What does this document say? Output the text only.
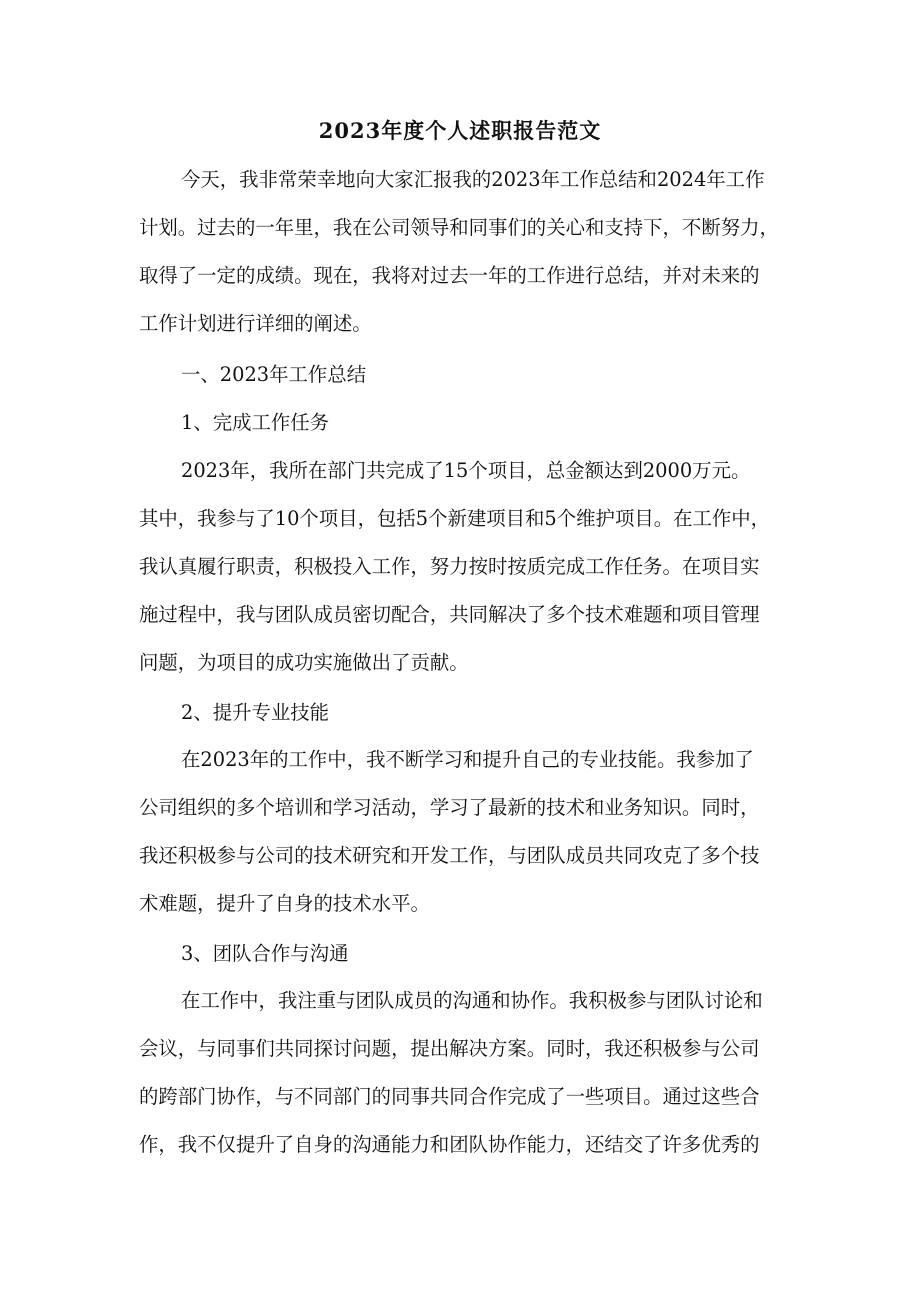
2023年度个人述职报告范文
今天，我非常荣幸地向大家汇报我的2023年工作总结和2024年工作
计划。过去的一年里，我在公司领导和同事们的关心和支持下，不断努力，
取得了一定的成绩。现在，我将对过去一年的工作进行总结，并对未来的
工作计划进行详细的阐述。
一、2023年工作总结
1、完成工作任务
2023年，我所在部门共完成了15个项目，总金额达到2000万元。
其中，我参与了10个项目，包括5个新建项目和5个维护项目。在工作中，
我认真履行职责，积极投入工作，努力按时按质完成工作任务。在项目实
施过程中，我与团队成员密切配合，共同解决了多个技术难题和项目管理
问题，为项目的成功实施做出了贡献。
2、提升专业技能
在2023年的工作中，我不断学习和提升自己的专业技能。我参加了
公司组织的多个培训和学习活动，学习了最新的技术和业务知识。同时，
我还积极参与公司的技术研究和开发工作，与团队成员共同攻克了多个技
术难题，提升了自身的技术水平。
3、团队合作与沟通
在工作中，我注重与团队成员的沟通和协作。我积极参与团队讨论和
会议，与同事们共同探讨问题，提出解决方案。同时，我还积极参与公司
的跨部门协作，与不同部门的同事共同合作完成了一些项目。通过这些合
作，我不仅提升了自身的沟通能力和团队协作能力，还结交了许多优秀的
